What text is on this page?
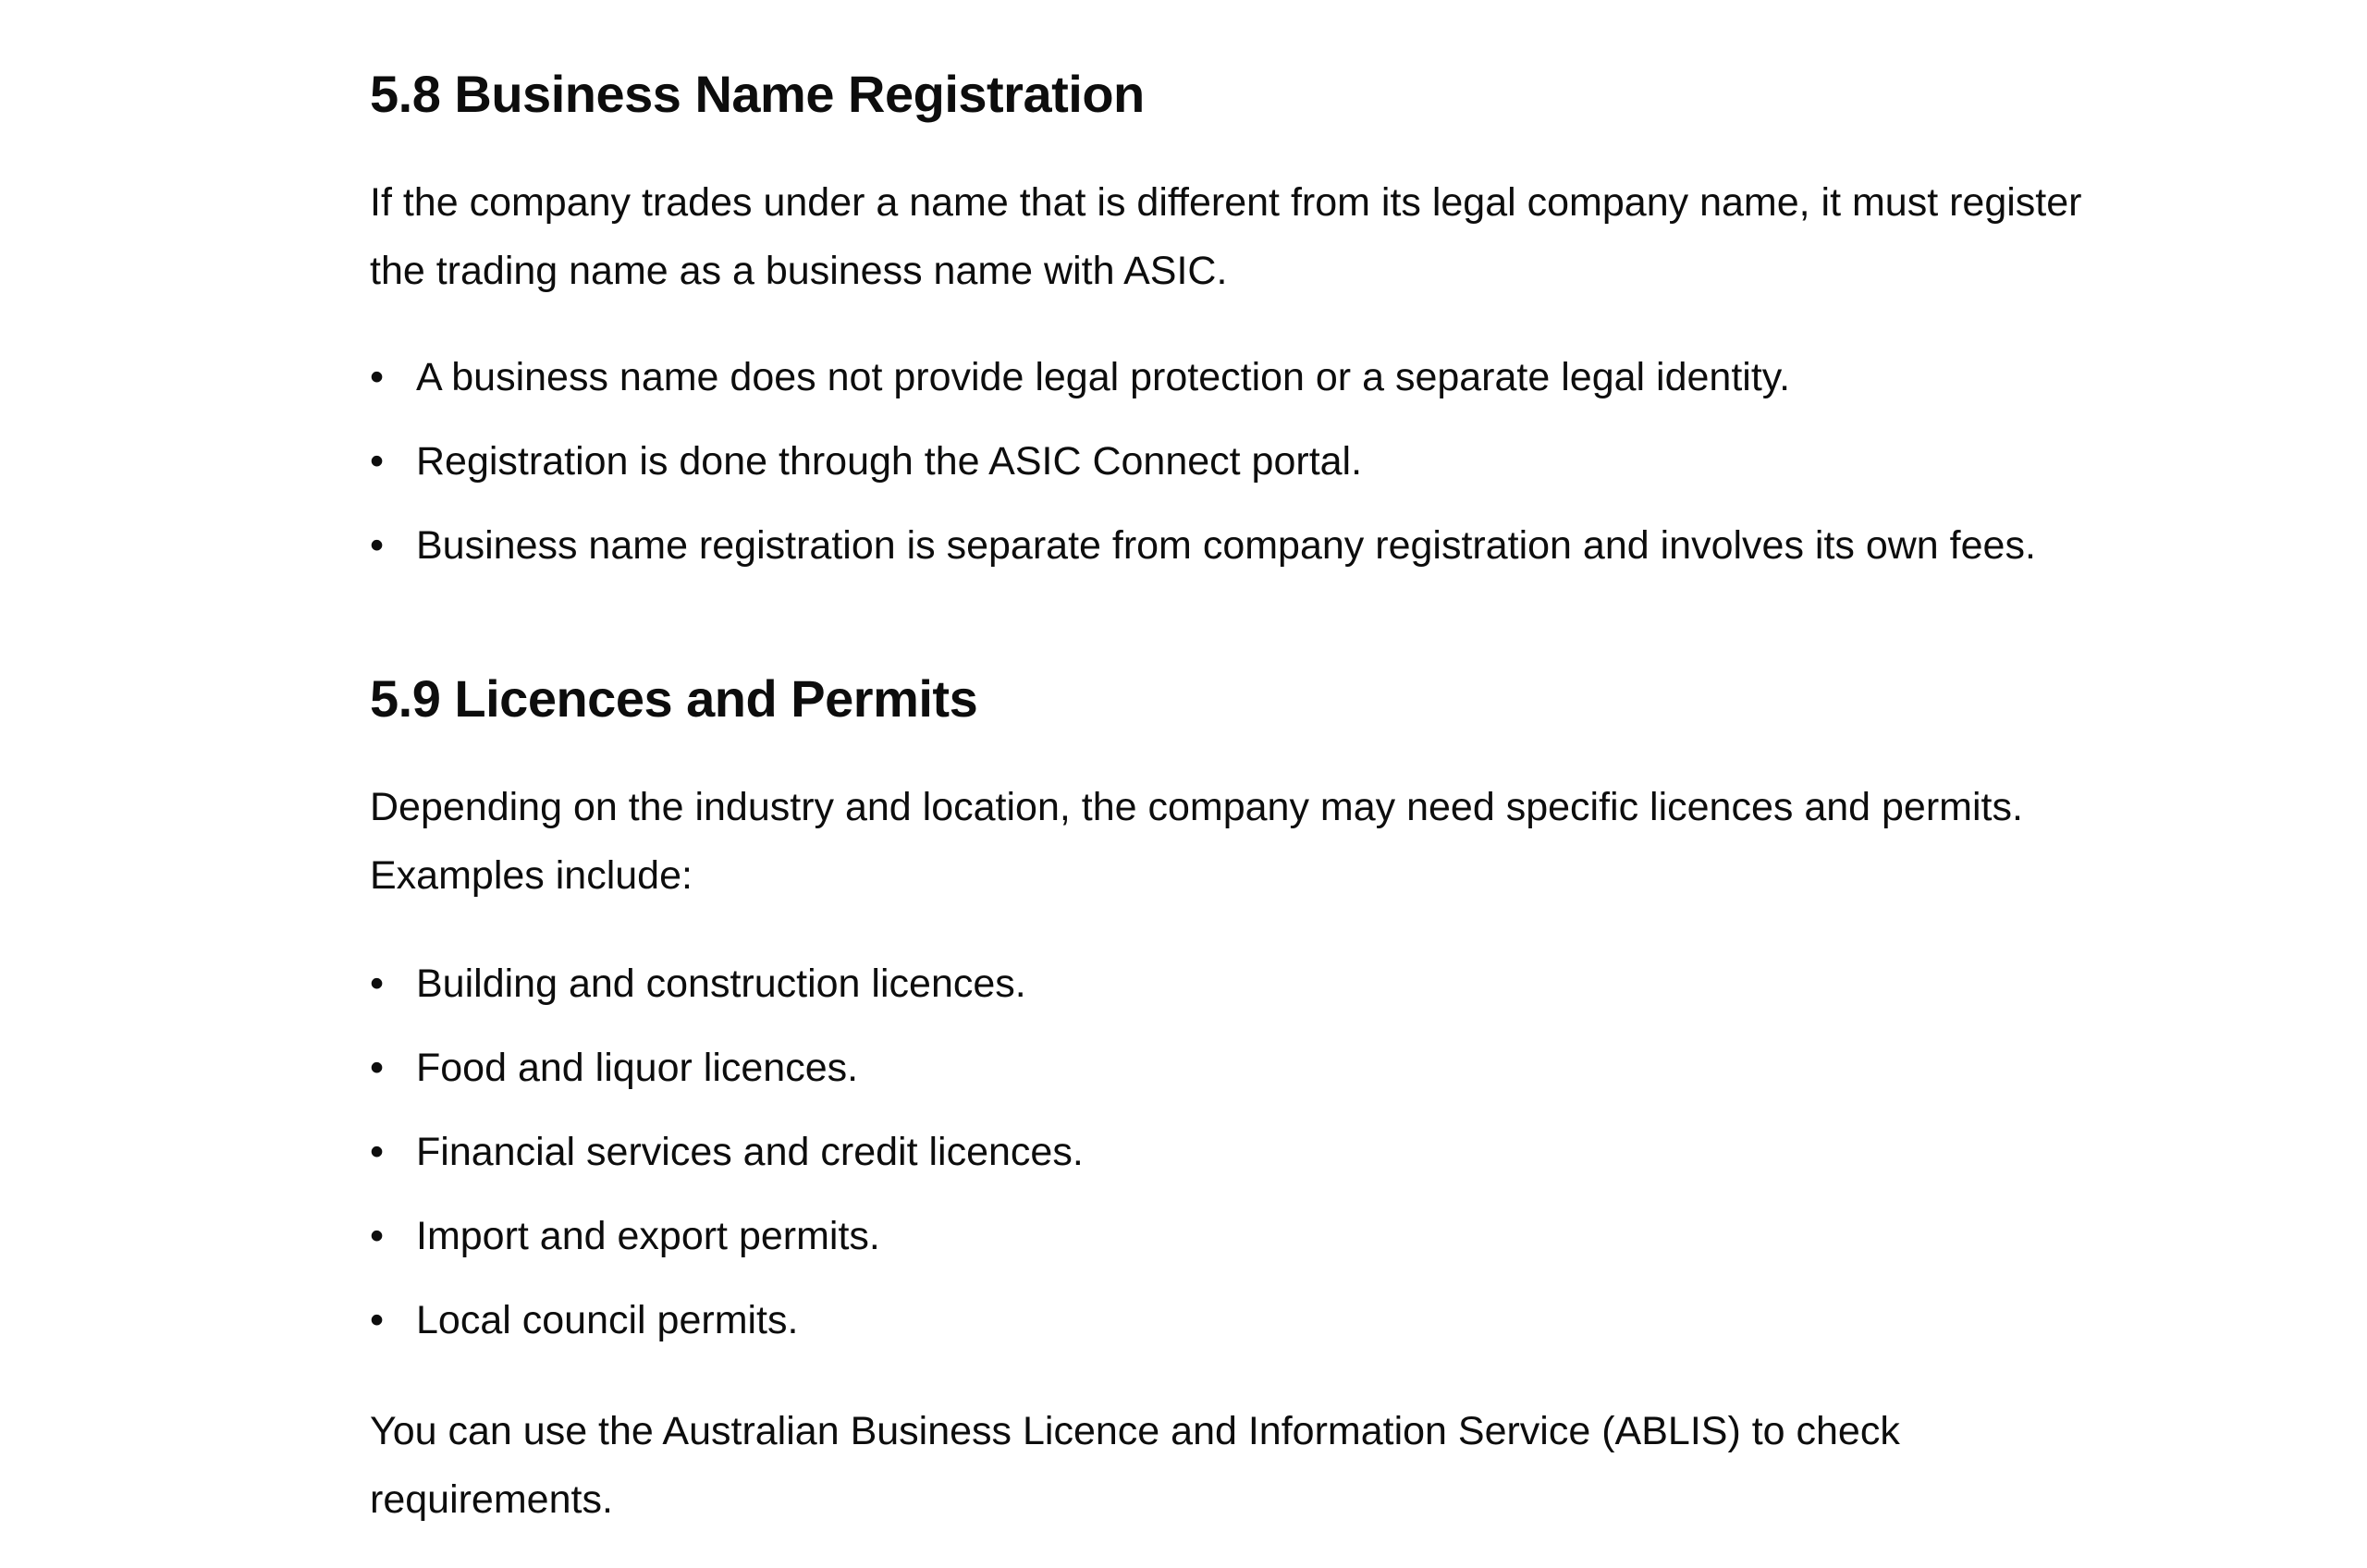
5.8 Business Name Registration

If the company trades under a name that is different from its legal company name, it must register
the trading name as a business name with ASIC.

• A business name does not provide legal protection or a separate legal identity.
• Registration is done through the ASIC Connect portal.
• Business name registration is separate from company registration and involves its own fees.
5.9 Licences and Permits

Depending on the industry and location, the company may need specific licences and permits.
Examples include:

• Building and construction licences.
• Food and liquor licences.
• Financial services and credit licences.
• Import and export permits.
• Local council permits.

You can use the Australian Business Licence and Information Service (ABLIS) to check
requirements.
